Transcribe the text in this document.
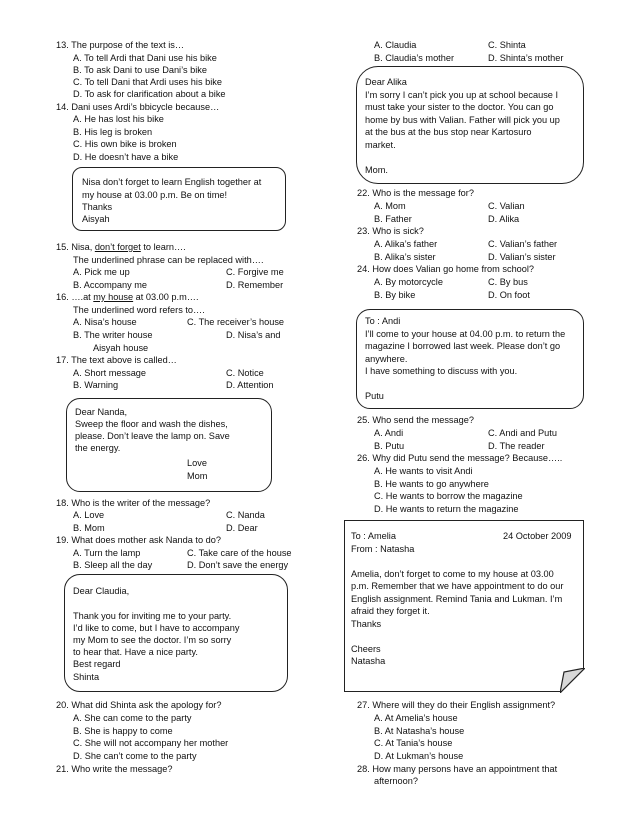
13. The purpose of the text is…
A. To tell Ardi that Dani use his bike
B. To ask Dani to use Dani’s bike
C. To tell Dani that Ardi uses his bike
D. To ask for clarification about a bike
14. Dani uses Ardi’s bbicycle because…
A. He has lost his bike
B. His leg is broken
C. His own bike is broken
D. He doesn’t have a bike
Nisa don’t forget to learn English together at
my house at 03.00 p.m. Be on time!
Thanks
Aisyah
15. Nisa, don’t forget to learn….
The underlined phrase can be replaced with….
A. Pick me up	C. Forgive me
B. Accompany me	D. Remember
16. ….at my house at 03.00 p.m….
The underlined word refers to….
A. Nisa’s house	C. The receiver’s house
B. The writer house	D. Nisa’s and
Aisyah house
17. The text above is called…
A. Short message	C. Notice
B. Warning	D. Attention
Dear Nanda,
Sweep the floor and wash the dishes,
please. Don’t leave the lamp on. Save
the energy.
Love
Mom
18. Who is the writer of the message?
A. Love	C. Nanda
B. Mom	D. Dear
19. What does mother ask Nanda to do?
A. Turn the lamp	C. Take care of the house
B. Sleep all the day	D. Don’t save the energy
Dear Claudia,
Thank you for inviting me to your party.
I’d like to come, but I have to accompany
my Mom to see the doctor. I’m so sorry
to hear that. Have a nice party.
Best regard
Shinta
20. What did Shinta ask the apology for?
A. She can come to the party
B. She is happy to come
C. She will not accompany her mother
D. She can’t come to the party
21. Who write the message?
A. Claudia	C. Shinta
B. Claudia’s mother	D. Shinta’s mother
Dear Alika
I’m sorry I can’t pick you up at school because I
must take your sister to the doctor. You can go
home by bus with Valian. Father will pick you up
at the bus at the bus stop near Kartosuro
market.
Mom.
22. Who is the message for?
A. Mom	C. Valian
B. Father	D. Alika
23. Who is sick?
A. Alika’s father	C. Valian’s father
B. Alika’s sister	D. Valian’s sister
24. How does Valian go home from school?
A. By motorcycle	C. By bus
B. By bike	D. On foot
To : Andi
I’ll come to your house at 04.00 p.m. to return the
magazine I borrowed last week. Please don’t go
anywhere.
I have something to discuss with you.
Putu
25. Who send the message?
A. Andi	C. Andi and Putu
B. Putu	D. The reader
26. Why did Putu send the message? Because…..
A. He wants to visit Andi
B. He wants to go anywhere
C. He wants to borrow the magazine
D. He wants to return the magazine
To : Amelia	24 October 2009
From : Natasha
Amelia, don’t forget to come to my house at 03.00
p.m. Remember that we have appointment to do our
English assignment. Remind Tania and Lukman. I’m
afraid they forget it.
Thanks
Cheers
Natasha
27. Where will they do their English assignment?
A. At Amelia’s house
B. At Natasha’s house
C. At Tania’s house
D. At Lukman’s house
28. How many persons have an appointment that
afternoon?
